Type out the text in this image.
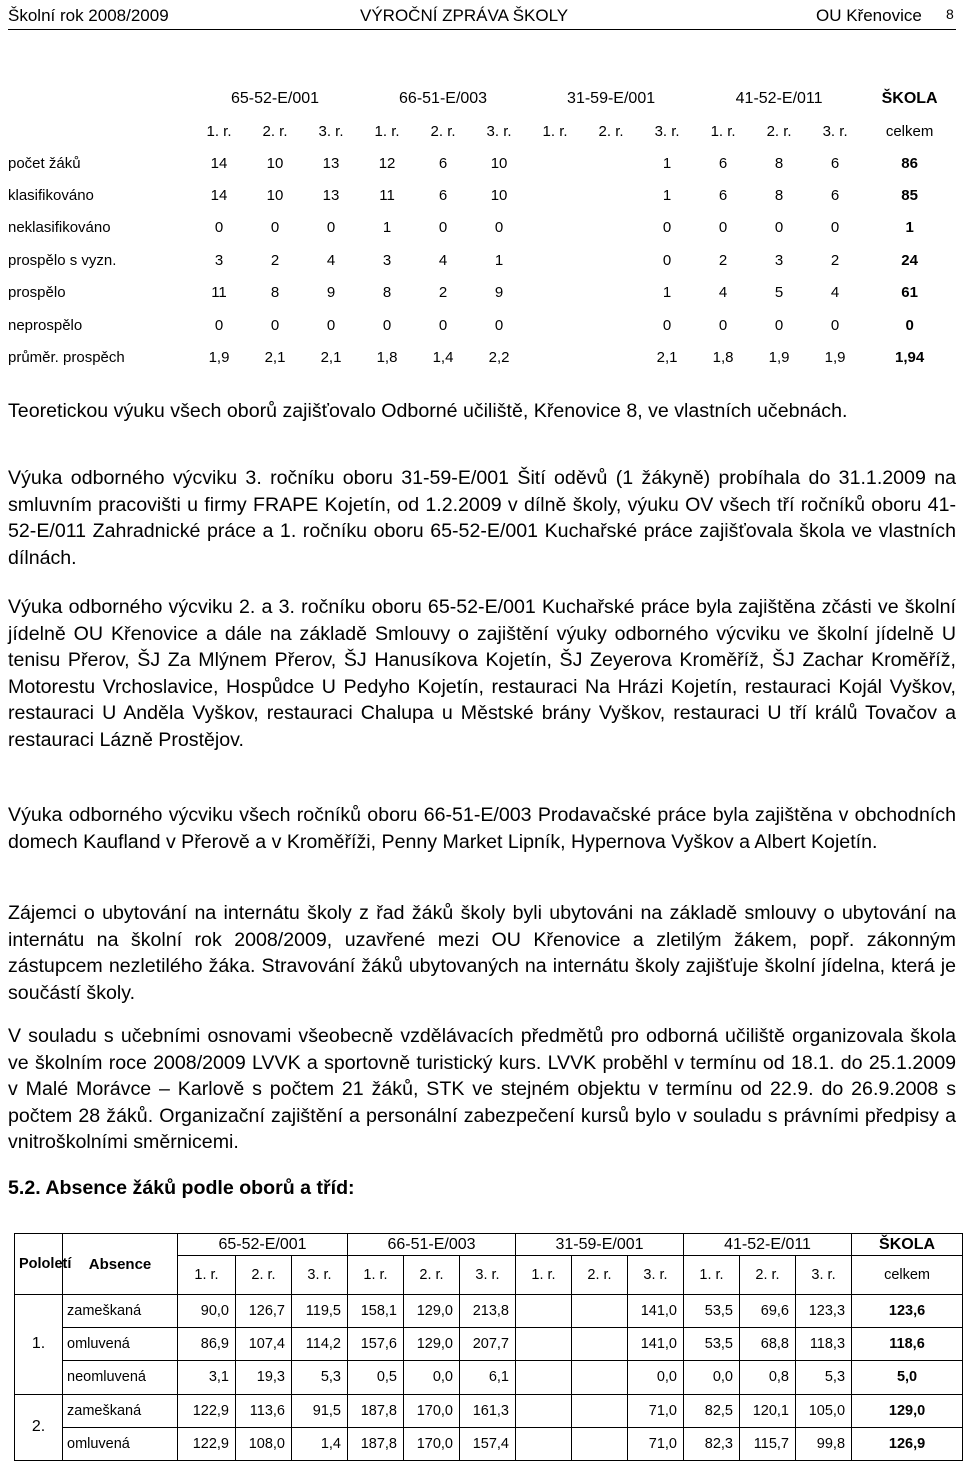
Školní rok 2008/2009	VÝROČNÍ ZPRÁVA ŠKOLY	OU Křenovice 8
	65-52-E/001			66-51-E/003			31-59-E/001			41-52-E/011			ŠKOLA
	1. r.	2. r.	3. r.	1. r.	2. r.	3. r.	1. r.	2. r.	3. r.	1. r.	2. r.	3. r.	celkem
počet žáků	14	10	13	12	6	10			1	6	8	6	86
klasifikováno	14	10	13	11	6	10			1	6	8	6	85
neklasifikováno	0	0	0	1	0	0			0	0	0	0	1
prospělo s vyzn.	3	2	4	3	4	1			0	2	3	2	24
prospělo	11	8	9	8	2	9			1	4	5	4	61
neprospělo	0	0	0	0	0	0			0	0	0	0	0
průměr. prospěch	1,9	2,1	2,1	1,8	1,4	2,2			2,1	1,8	1,9	1,9	1,94

Teoretickou výuku všech oborů zajišťovalo Odborné učiliště, Křenovice 8, ve vlastních učebnách.

Výuka odborného výcviku 3. ročníku oboru 31-59-E/001 Šití oděvů (1 žákyně) probíhala do 31.1.2009 na smluvním pracovišti u firmy FRAPE Kojetín, od 1.2.2009 v dílně školy, výuku OV všech tří ročníků oboru 41-52-E/011 Zahradnické práce a 1. ročníku oboru 65-52-E/001 Kuchařské práce zajišťovala škola ve vlastních dílnách.

Výuka odborného výcviku 2. a 3. ročníku oboru 65-52-E/001 Kuchařské práce byla zajištěna zčásti ve školní jídelně OU Křenovice a dále na základě Smlouvy o zajištění výuky odborného výcviku ve školní jídelně U tenisu Přerov, ŠJ Za Mlýnem Přerov, ŠJ Hanusíkova Kojetín, ŠJ Zeyerova Kroměříž, ŠJ Zachar Kroměříž, Motorestu Vrchoslavice, Hospůdce U Pedyho Kojetín, restauraci Na Hrázi Kojetín, restauraci Kojál Vyškov, restauraci U Anděla Vyškov, restauraci Chalupa u Městské brány Vyškov, restauraci U tří králů Tovačov a restauraci Lázně Prostějov.

Výuka odborného výcviku všech ročníků oboru 66-51-E/003 Prodavačské práce byla zajištěna v obchodních domech Kaufland v Přerově a v Kroměříži, Penny Market Lipník, Hypernova Vyškov a Albert Kojetín.

Zájemci o ubytování na internátu školy z řad žáků školy byli ubytováni na základě smlouvy o ubytování na internátu na školní rok 2008/2009, uzavřené mezi OU Křenovice a zletilým žákem, popř. zákonným zástupcem nezletilého žáka. Stravování žáků ubytovaných na internátu školy zajišťuje školní jídelna, která je součástí školy.

V souladu s učebními osnovami všeobecně vzdělávacích předmětů pro odborná učiliště organizovala škola ve školním roce 2008/2009 LVVK a sportovně turistický kurs. LVVK proběhl v termínu od 18.1. do 25.1.2009 v Malé Morávce – Karlově s počtem 21 žáků, STK ve stejném objektu v termínu od 22.9. do 26.9.2008 s počtem 28 žáků. Organizační zajištění a personální zabezpečení kursů bylo v souladu s právními předpisy a vnitroškolními směrnicemi.

5.2. Absence žáků podle oborů a tříd:

Pololetí	Absence	65-52-E/001			66-51-E/003			31-59-E/001			41-52-E/011			ŠKOLA
		1. r.	2. r.	3. r.	1. r.	2. r.	3. r.	1. r.	2. r.	3. r.	1. r.	2. r.	3. r.	celkem
1.	zameškaná	90,0	126,7	119,5	158,1	129,0	213,8			141,0	53,5	69,6	123,3	123,6
	omluvená	86,9	107,4	114,2	157,6	129,0	207,7			141,0	53,5	68,8	118,3	118,6
	neomluvená	3,1	19,3	5,3	0,5	0,0	6,1			0,0	0,0	0,8	5,3	5,0
2.	zameškaná	122,9	113,6	91,5	187,8	170,0	161,3			71,0	82,5	120,1	105,0	129,0
	omluvená	122,9	108,0	1,4	187,8	170,0	157,4			71,0	82,3	115,7	99,8	126,9
